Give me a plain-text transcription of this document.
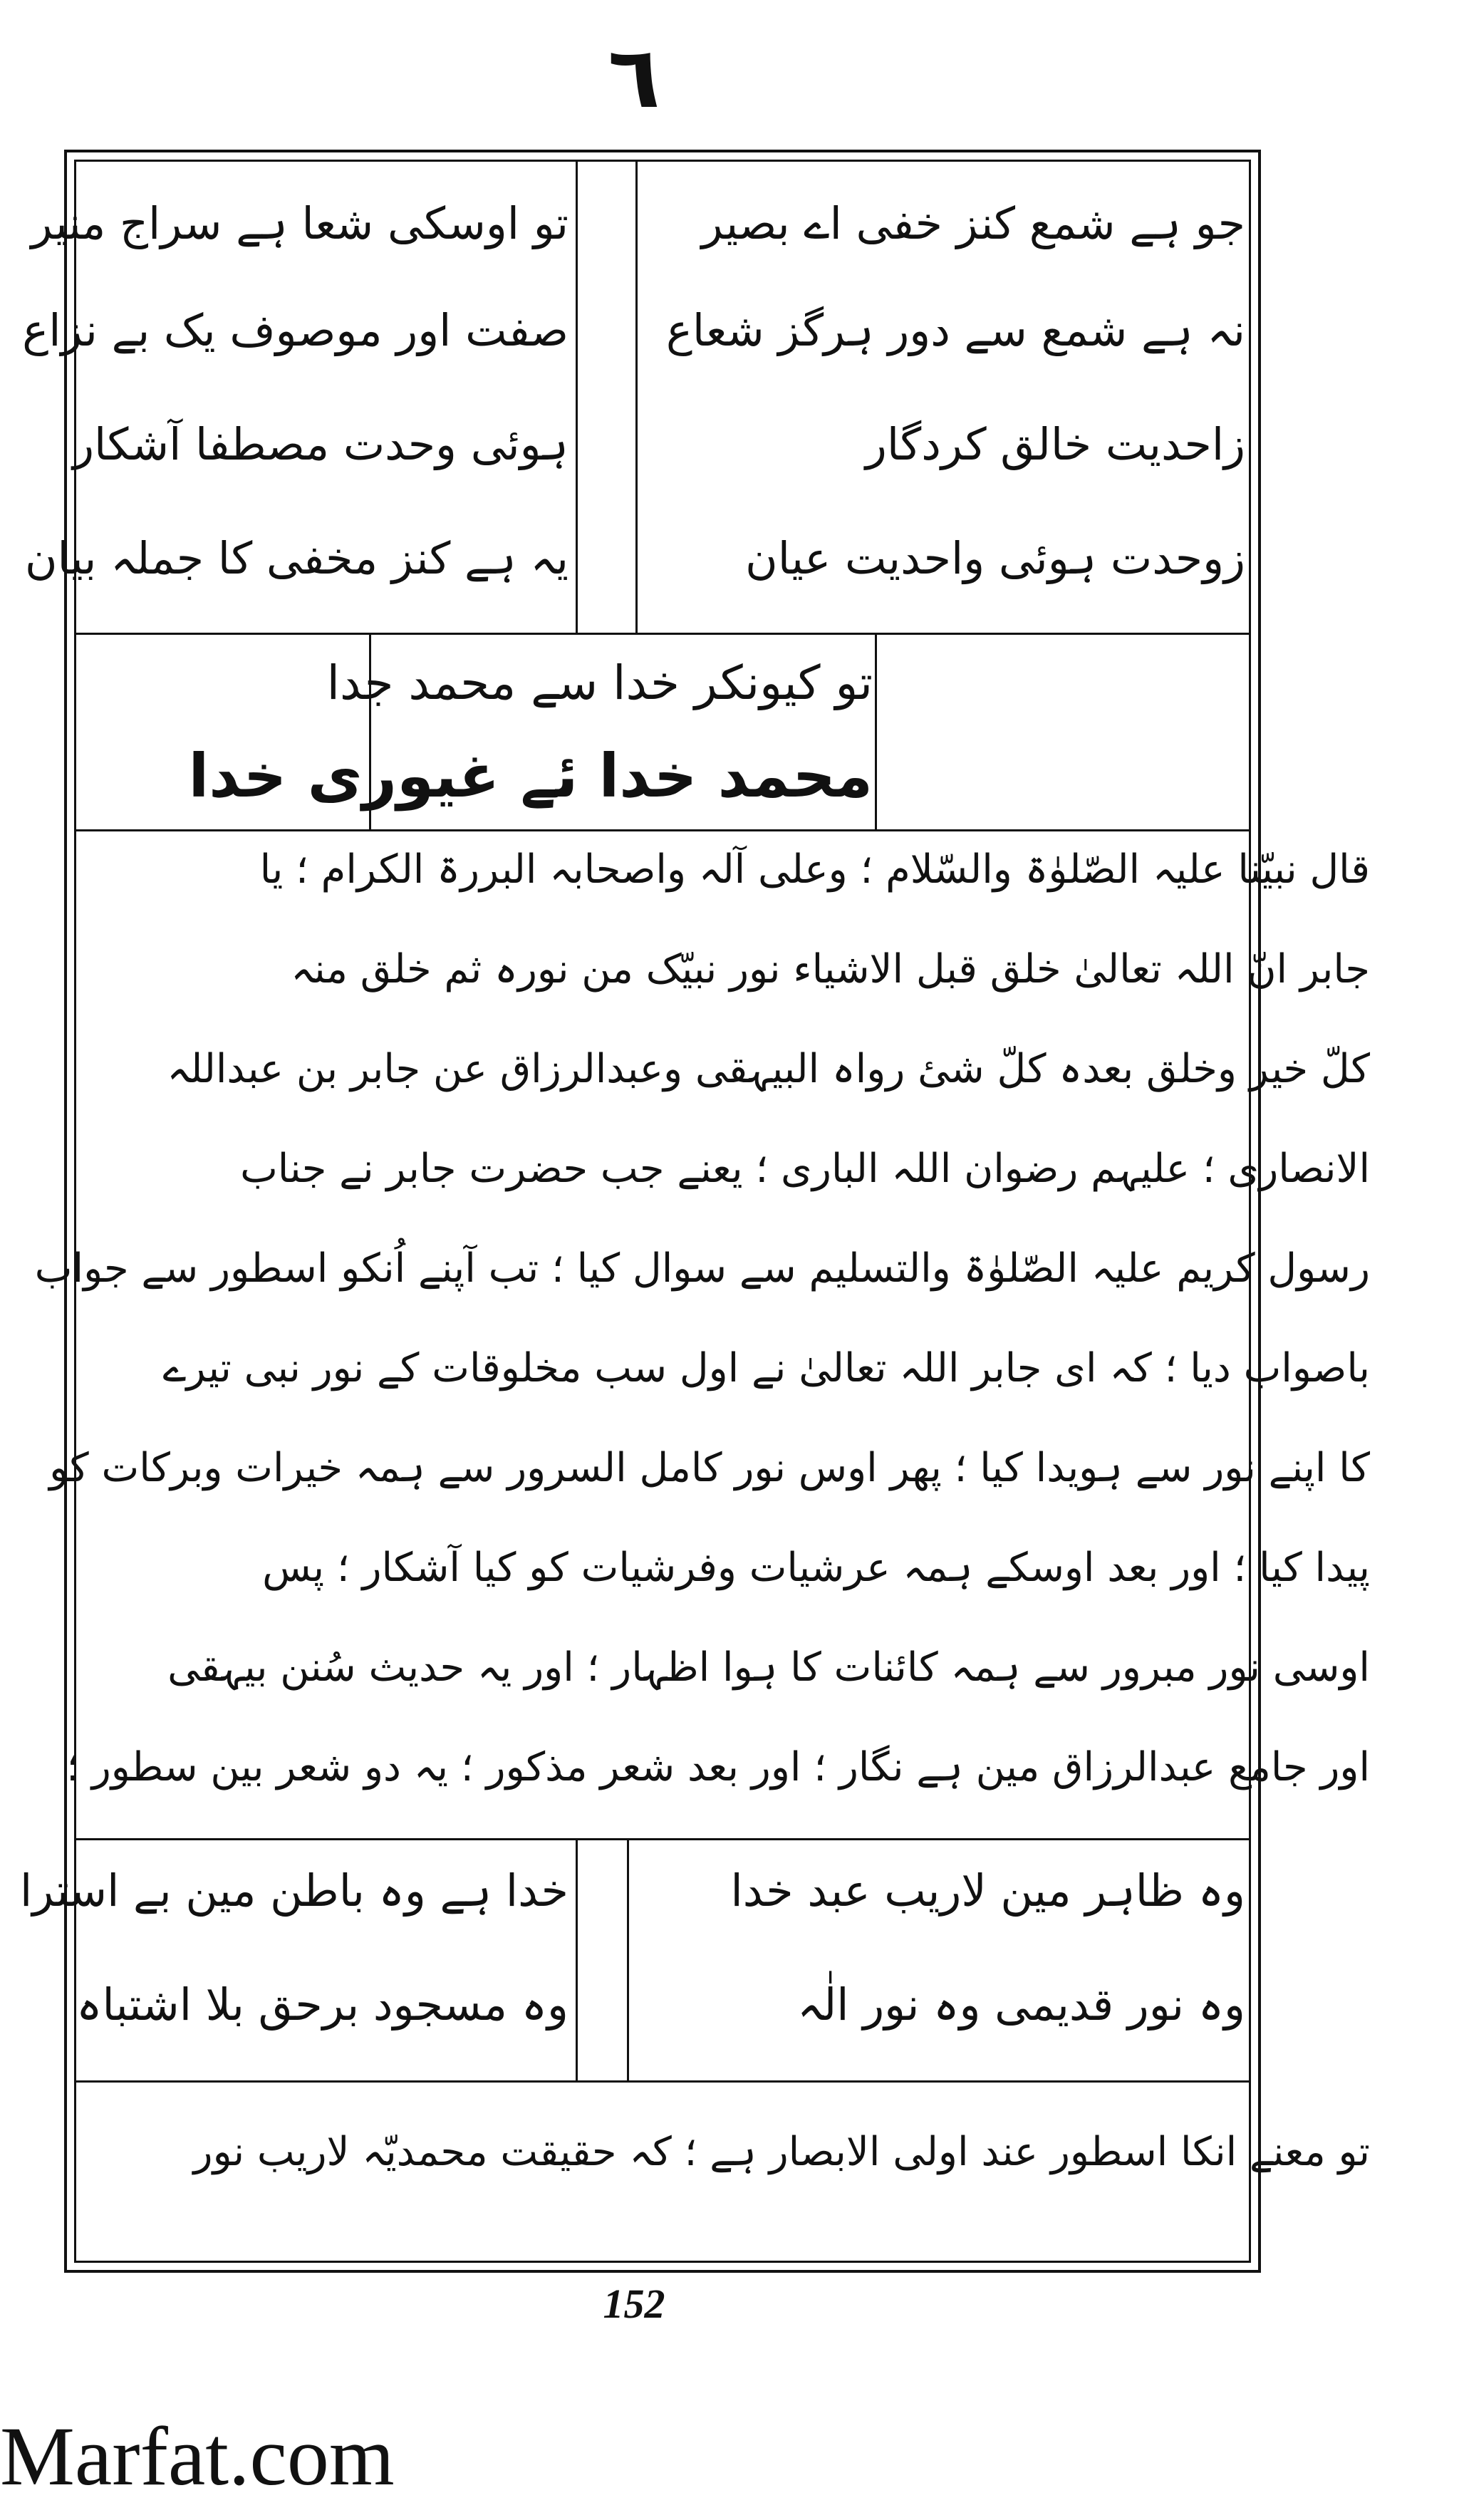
٦
جو ہے شمع کنز خفی اے بصیر
نہ ہے شمع سے دور ہرگز شعاع
زاحدیت خالق کردگار
زوحدت ہوئی واحدیت عیان
تو اوسکی شعا ہے سراج منیر
صفت اور موصوف یک بے نزاع
ہوئی وحدت مصطفا آشکار
یہ ہے کنز مخفی کا جملہ بیان
تو کیونکر خدا سے محمد جدا
محمد خدا ئے غیوری خدا
قال نبیّنا علیہ الصّلوٰۃ والسّلام ؛ وعلی آلہ واصحابہ البررۃ الکرام ؛ یا
جابر انّ اللہ تعالیٰ خلق قبل الاشیاء نور نبیّک من نورہ ثم خلق منہ
کلّ خیر وخلق بعدہ کلّ شیٔ رواہ البیہقی وعبدالرزاق عن جابر بن عبداللہ
الانصاری ؛ علیہم رضوان اللہ الباری ؛ یعنے جب حضرت جابر نے جناب
رسول کریم علیہ الصّلوٰۃ والتسلیم سے سوال کیا ؛ تب آپنے اُنکو اسطور سے جواب
باصواب دیا ؛ کہ ای جابر اللہ تعالیٰ نے اول سب مخلوقات کے نور نبی تیرے
کا اپنے نور سے ہویدا کیا ؛ پھر اوس نور کامل السرور سے ہمہ خیرات وبرکات کو
پیدا کیا ؛ اور بعد اوسکے ہمہ عرشیات وفرشیات کو کیا آشکار ؛ پس
اوسی نور مبرور سے ہمہ کائنات کا ہوا اظہار ؛ اور یہ حدیث سُنن بیہقی
اور جامع عبدالرزاق مین ہے نگار ؛ اور بعد شعر مذکور ؛ یہ دو شعر بین سطور ؛
وہ ظاہر مین لاریب عبد خدا
وہ نور قدیمی وہ نور الٰہ
خدا ہے وہ باطن مین بے استرا
وہ مسجود برحق بلا اشتباہ
تو معنے انکا اسطور عند اولی الابصار ہے ؛ کہ حقیقت محمدیّہ لاریب نور
152
Marfat.com
